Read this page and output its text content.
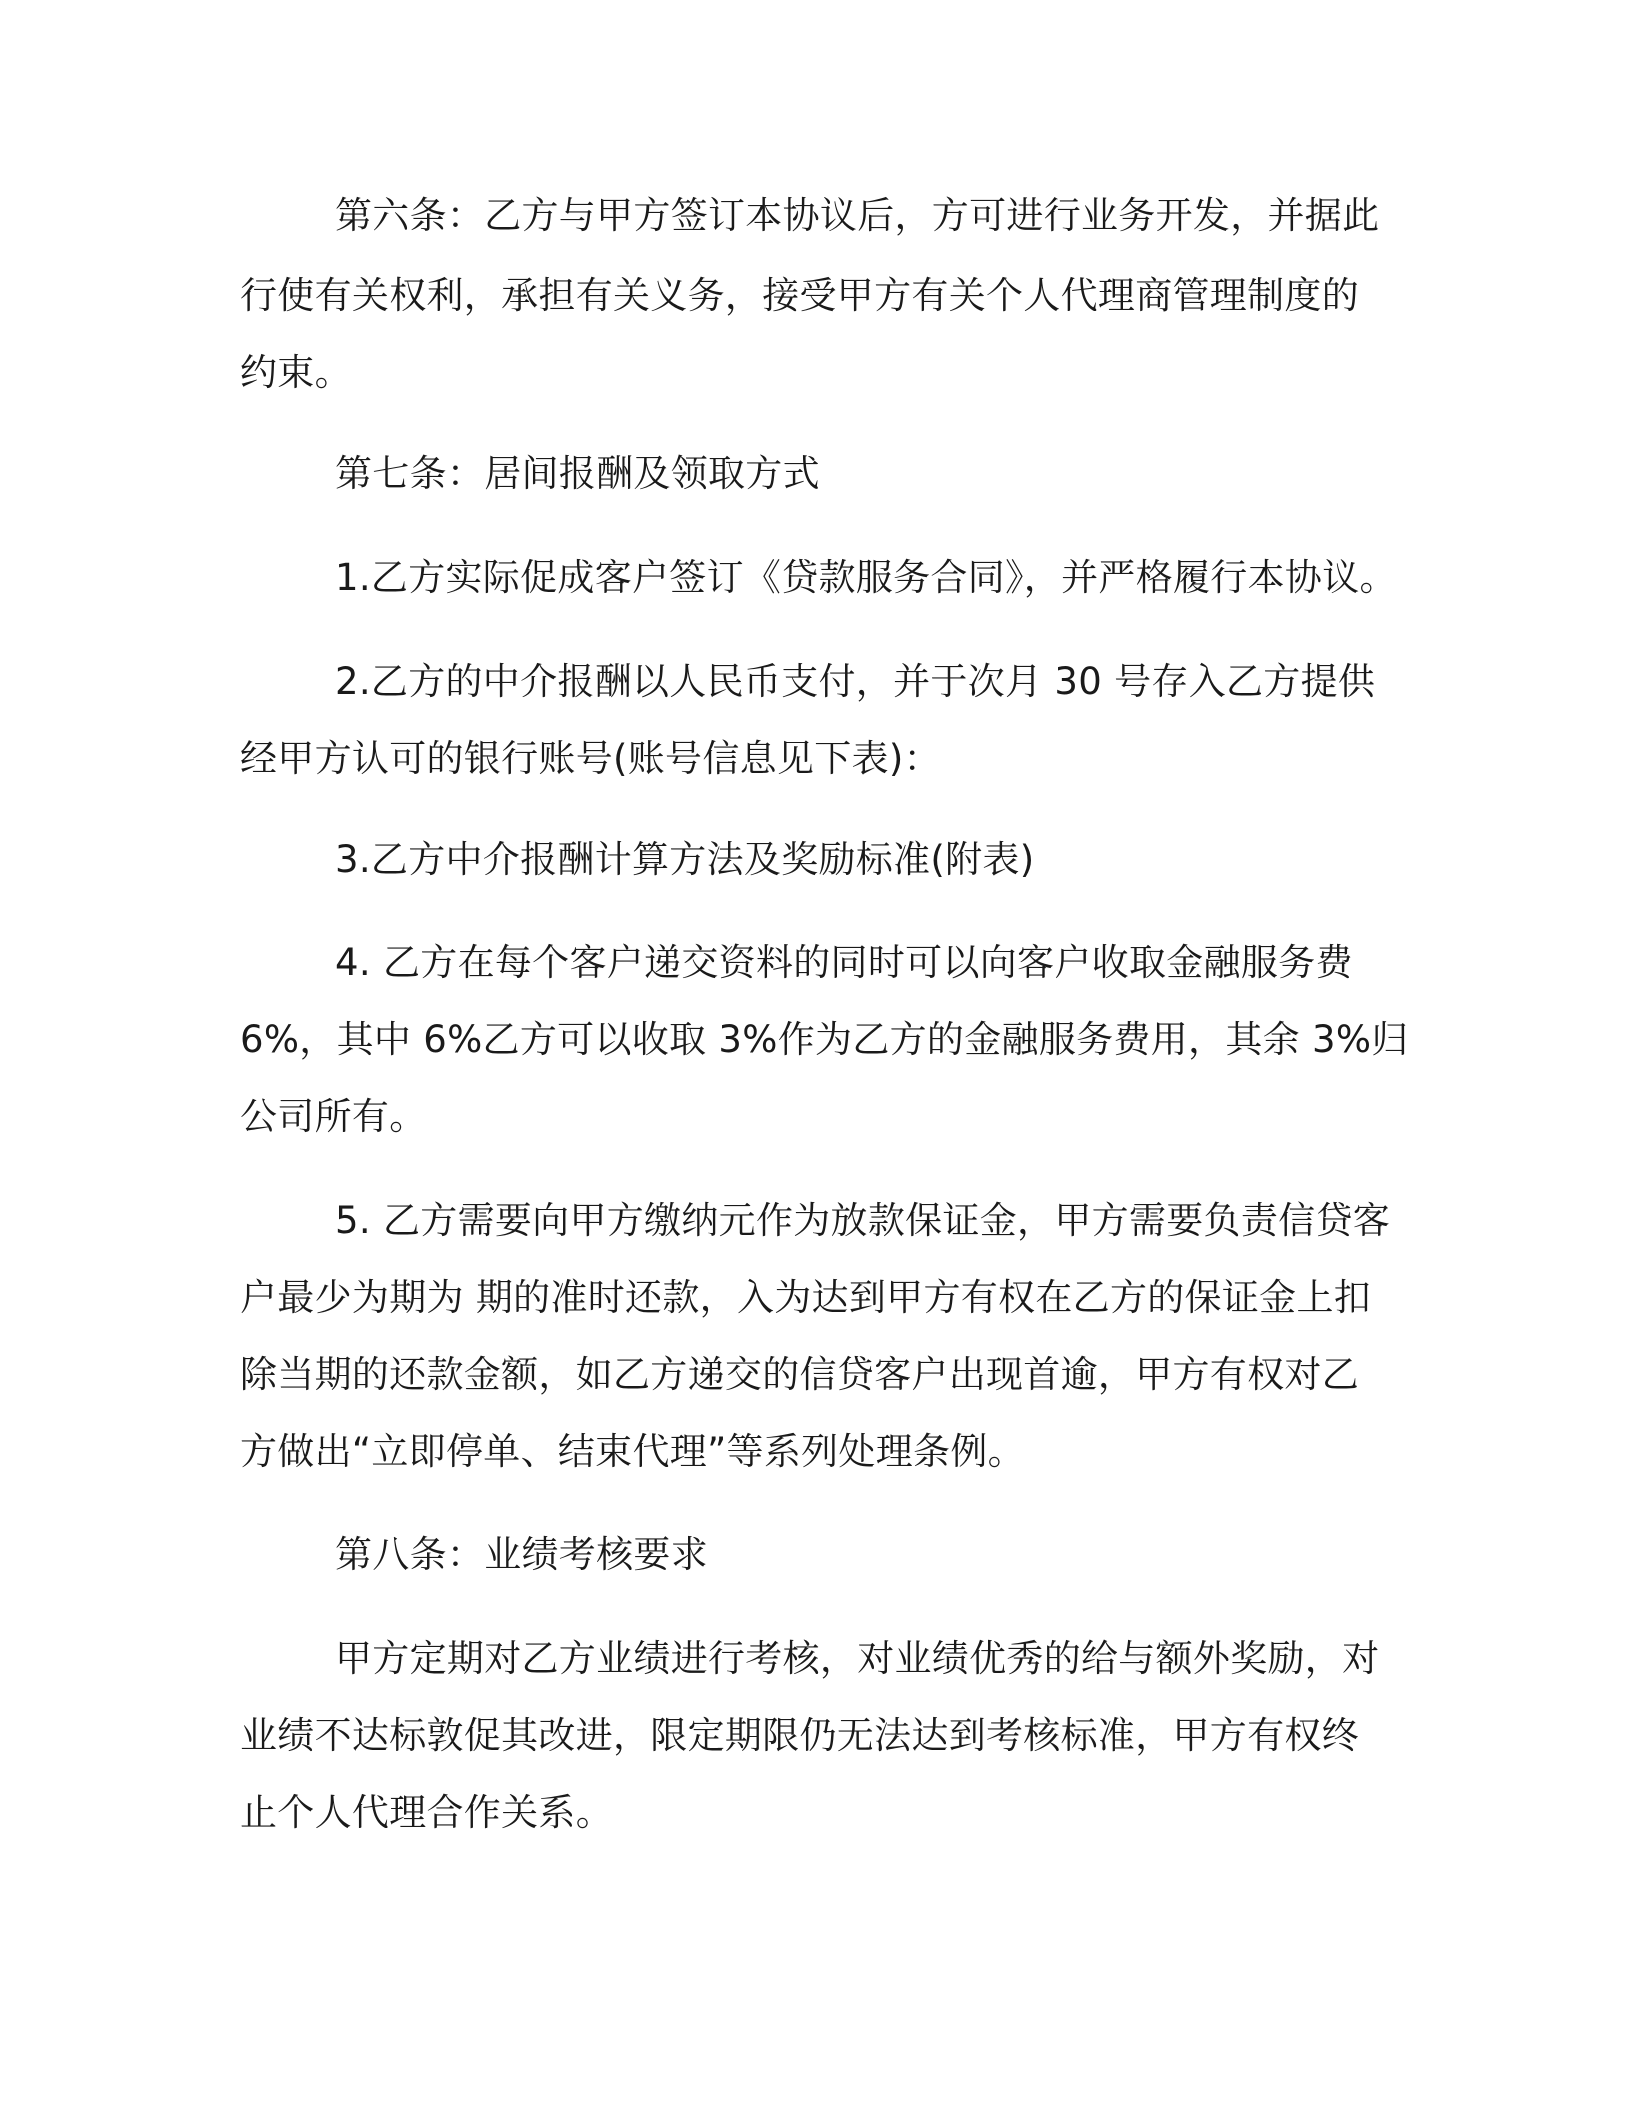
第六条：乙方与甲方签订本协议后，方可进行业务开发，并据此
行使有关权利，承担有关义务，接受甲方有关个人代理商管理制度的
约束。
第七条：居间报酬及领取方式
1.乙方实际促成客户签订《贷款服务合同》，并严格履行本协议。
2.乙方的中介报酬以人民币支付，并于次月 30 号存入乙方提供
经甲方认可的银行账号(账号信息见下表)：
3.乙方中介报酬计算方法及奖励标准(附表)
4. 乙方在每个客户递交资料的同时可以向客户收取金融服务费
6%，其中 6%乙方可以收取 3%作为乙方的金融服务费用，其余 3%归
公司所有。
5. 乙方需要向甲方缴纳元作为放款保证金，甲方需要负责信贷客
户最少为期为 期的准时还款，入为达到甲方有权在乙方的保证金上扣
除当期的还款金额，如乙方递交的信贷客户出现首逾，甲方有权对乙
方做出“立即停单、结束代理”等系列处理条例。
第八条：业绩考核要求
甲方定期对乙方业绩进行考核，对业绩优秀的给与额外奖励，对
业绩不达标敦促其改进，限定期限仍无法达到考核标准，甲方有权终
止个人代理合作关系。
